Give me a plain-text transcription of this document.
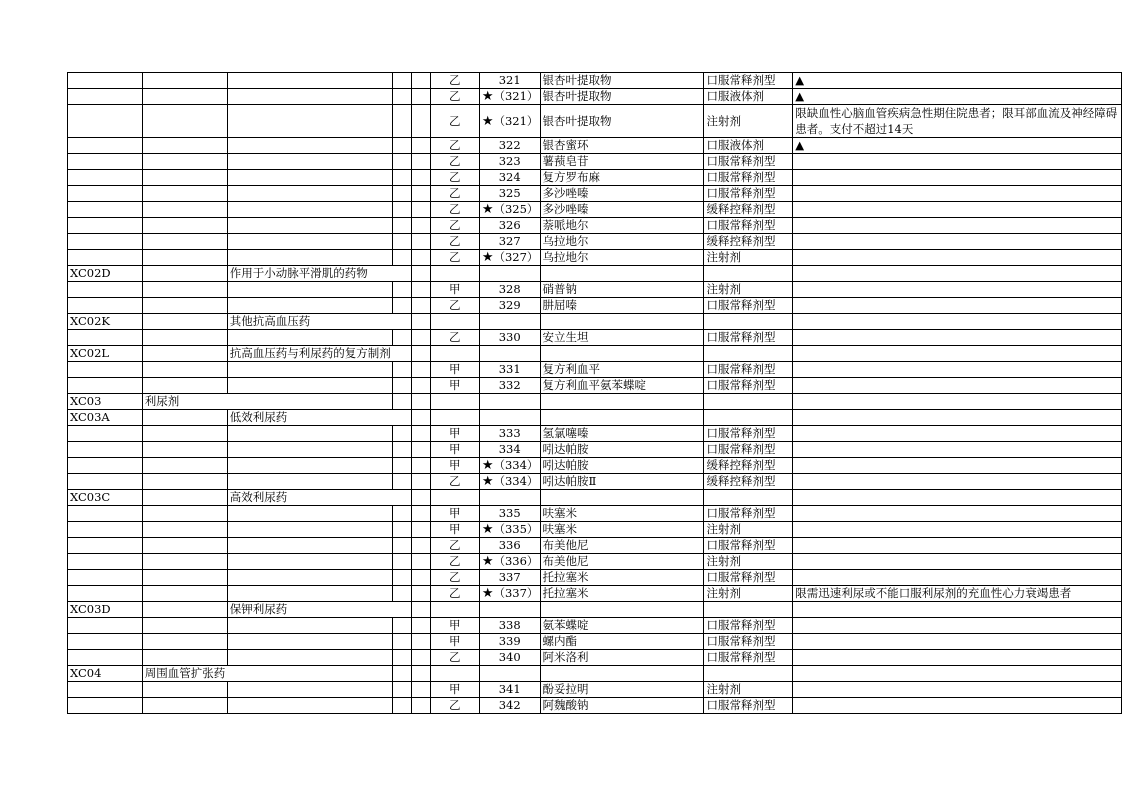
					乙	321	银杏叶提取物	口服常释剂型	▲
					乙	★ （321）	银杏叶提取物	口服液体剂	▲
					乙	★ （321）	银杏叶提取物	注射剂	限缺血性心脑血管疾病急性期住院患者；限耳部血流及神经障碍患者。支付不超过14天
					乙	322	银杏蜜环	口服液体剂	▲
					乙	323	薯蓣皂苷	口服常释剂型	
					乙	324	复方罗布麻	口服常释剂型	
					乙	325	多沙唑嗪	口服常释剂型	
					乙	★ （325）	多沙唑嗪	缓释控释剂型	
					乙	326	萘哌地尔	口服常释剂型	
					乙	327	乌拉地尔	缓释控释剂型	
					乙	★ （327）	乌拉地尔	注射剂	
XC02D		作用于小动脉平滑肌的药物							
					甲	328	硝普钠	注射剂	
					乙	329	肼屈嗪	口服常释剂型	
XC02K		其他抗高血压药							
					乙	330	安立生坦	口服常释剂型	
XC02L		抗高血压药与利尿药的复方制剂							
					甲	331	复方利血平	口服常释剂型	
					甲	332	复方利血平氨苯蝶啶	口服常释剂型	
XC03	利尿剂								
XC03A		低效利尿药							
					甲	333	氢氯噻嗪	口服常释剂型	
					甲	334	吲达帕胺	口服常释剂型	
					甲	★ （334）	吲达帕胺	缓释控释剂型	
					乙	★ （334）	吲达帕胺Ⅱ	缓释控释剂型	
XC03C		高效利尿药							
					甲	335	呋塞米	口服常释剂型	
					甲	★ （335）	呋塞米	注射剂	
					乙	336	布美他尼	口服常释剂型	
					乙	★ （336）	布美他尼	注射剂	
					乙	337	托拉塞米	口服常释剂型	
					乙	★ （337）	托拉塞米	注射剂	限需迅速利尿或不能口服利尿剂的充血性心力衰竭患者
XC03D		保钾利尿药							
					甲	338	氨苯蝶啶	口服常释剂型	
					甲	339	螺内酯	口服常释剂型	
					乙	340	阿米洛利	口服常释剂型	
XC04	周围血管扩张药								
					甲	341	酚妥拉明	注射剂	
					乙	342	阿魏酸钠	口服常释剂型	
